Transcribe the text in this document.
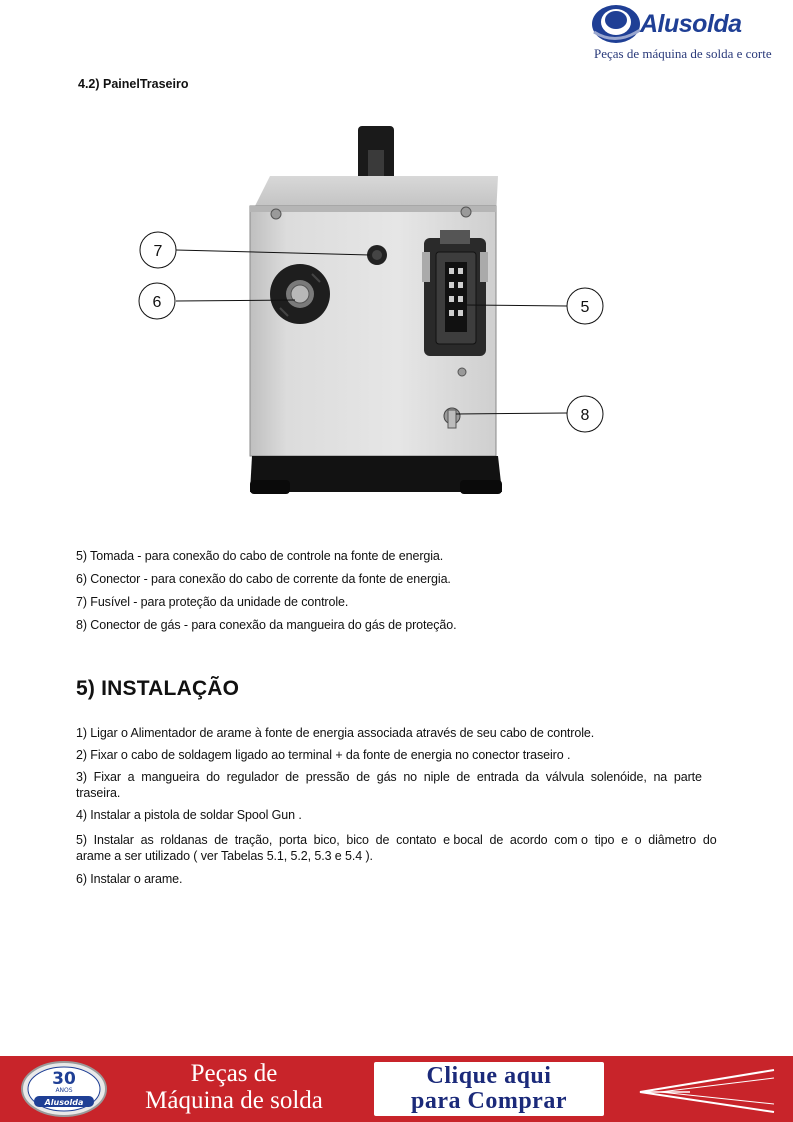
Alusolda
Peças de máquina de solda e corte
4.2) PainelTraseiro
7
6	5
8
5) Tomada - para conexão do cabo de controle na fonte de energia.
6) Conector - para conexão do cabo de corrente da fonte de energia.
7) Fusível - para proteção da unidade de controle.
8) Conector de gás - para conexão da mangueira do gás de proteção.
5) INSTALAÇÃO
1) Ligar o Alimentador de arame à fonte de energia associada através de seu cabo de controle.
2) Fixar o cabo de soldagem ligado ao terminal + da fonte de energia no conector traseiro .
3)  Fixar  a  mangueira  do  regulador  de  pressão  de  gás  no  niple  de  entrada  da  válvula  solenóide,  na  parte traseira.
4) Instalar a pistola de soldar Spool Gun .
5)  Instalar  as  roldanas  de  tração,  porta  bico,  bico  de  contato  e bocal  de  acordo  com o  tipo  e  o  diâmetro  do arame a ser utilizado ( ver Tabelas 5.1, 5.2, 5.3 e 5.4 ).
6) Instalar o arame.
30
ANOS
Alusolda
Peças de
Máquina de solda
Clique aqui
para Comprar
